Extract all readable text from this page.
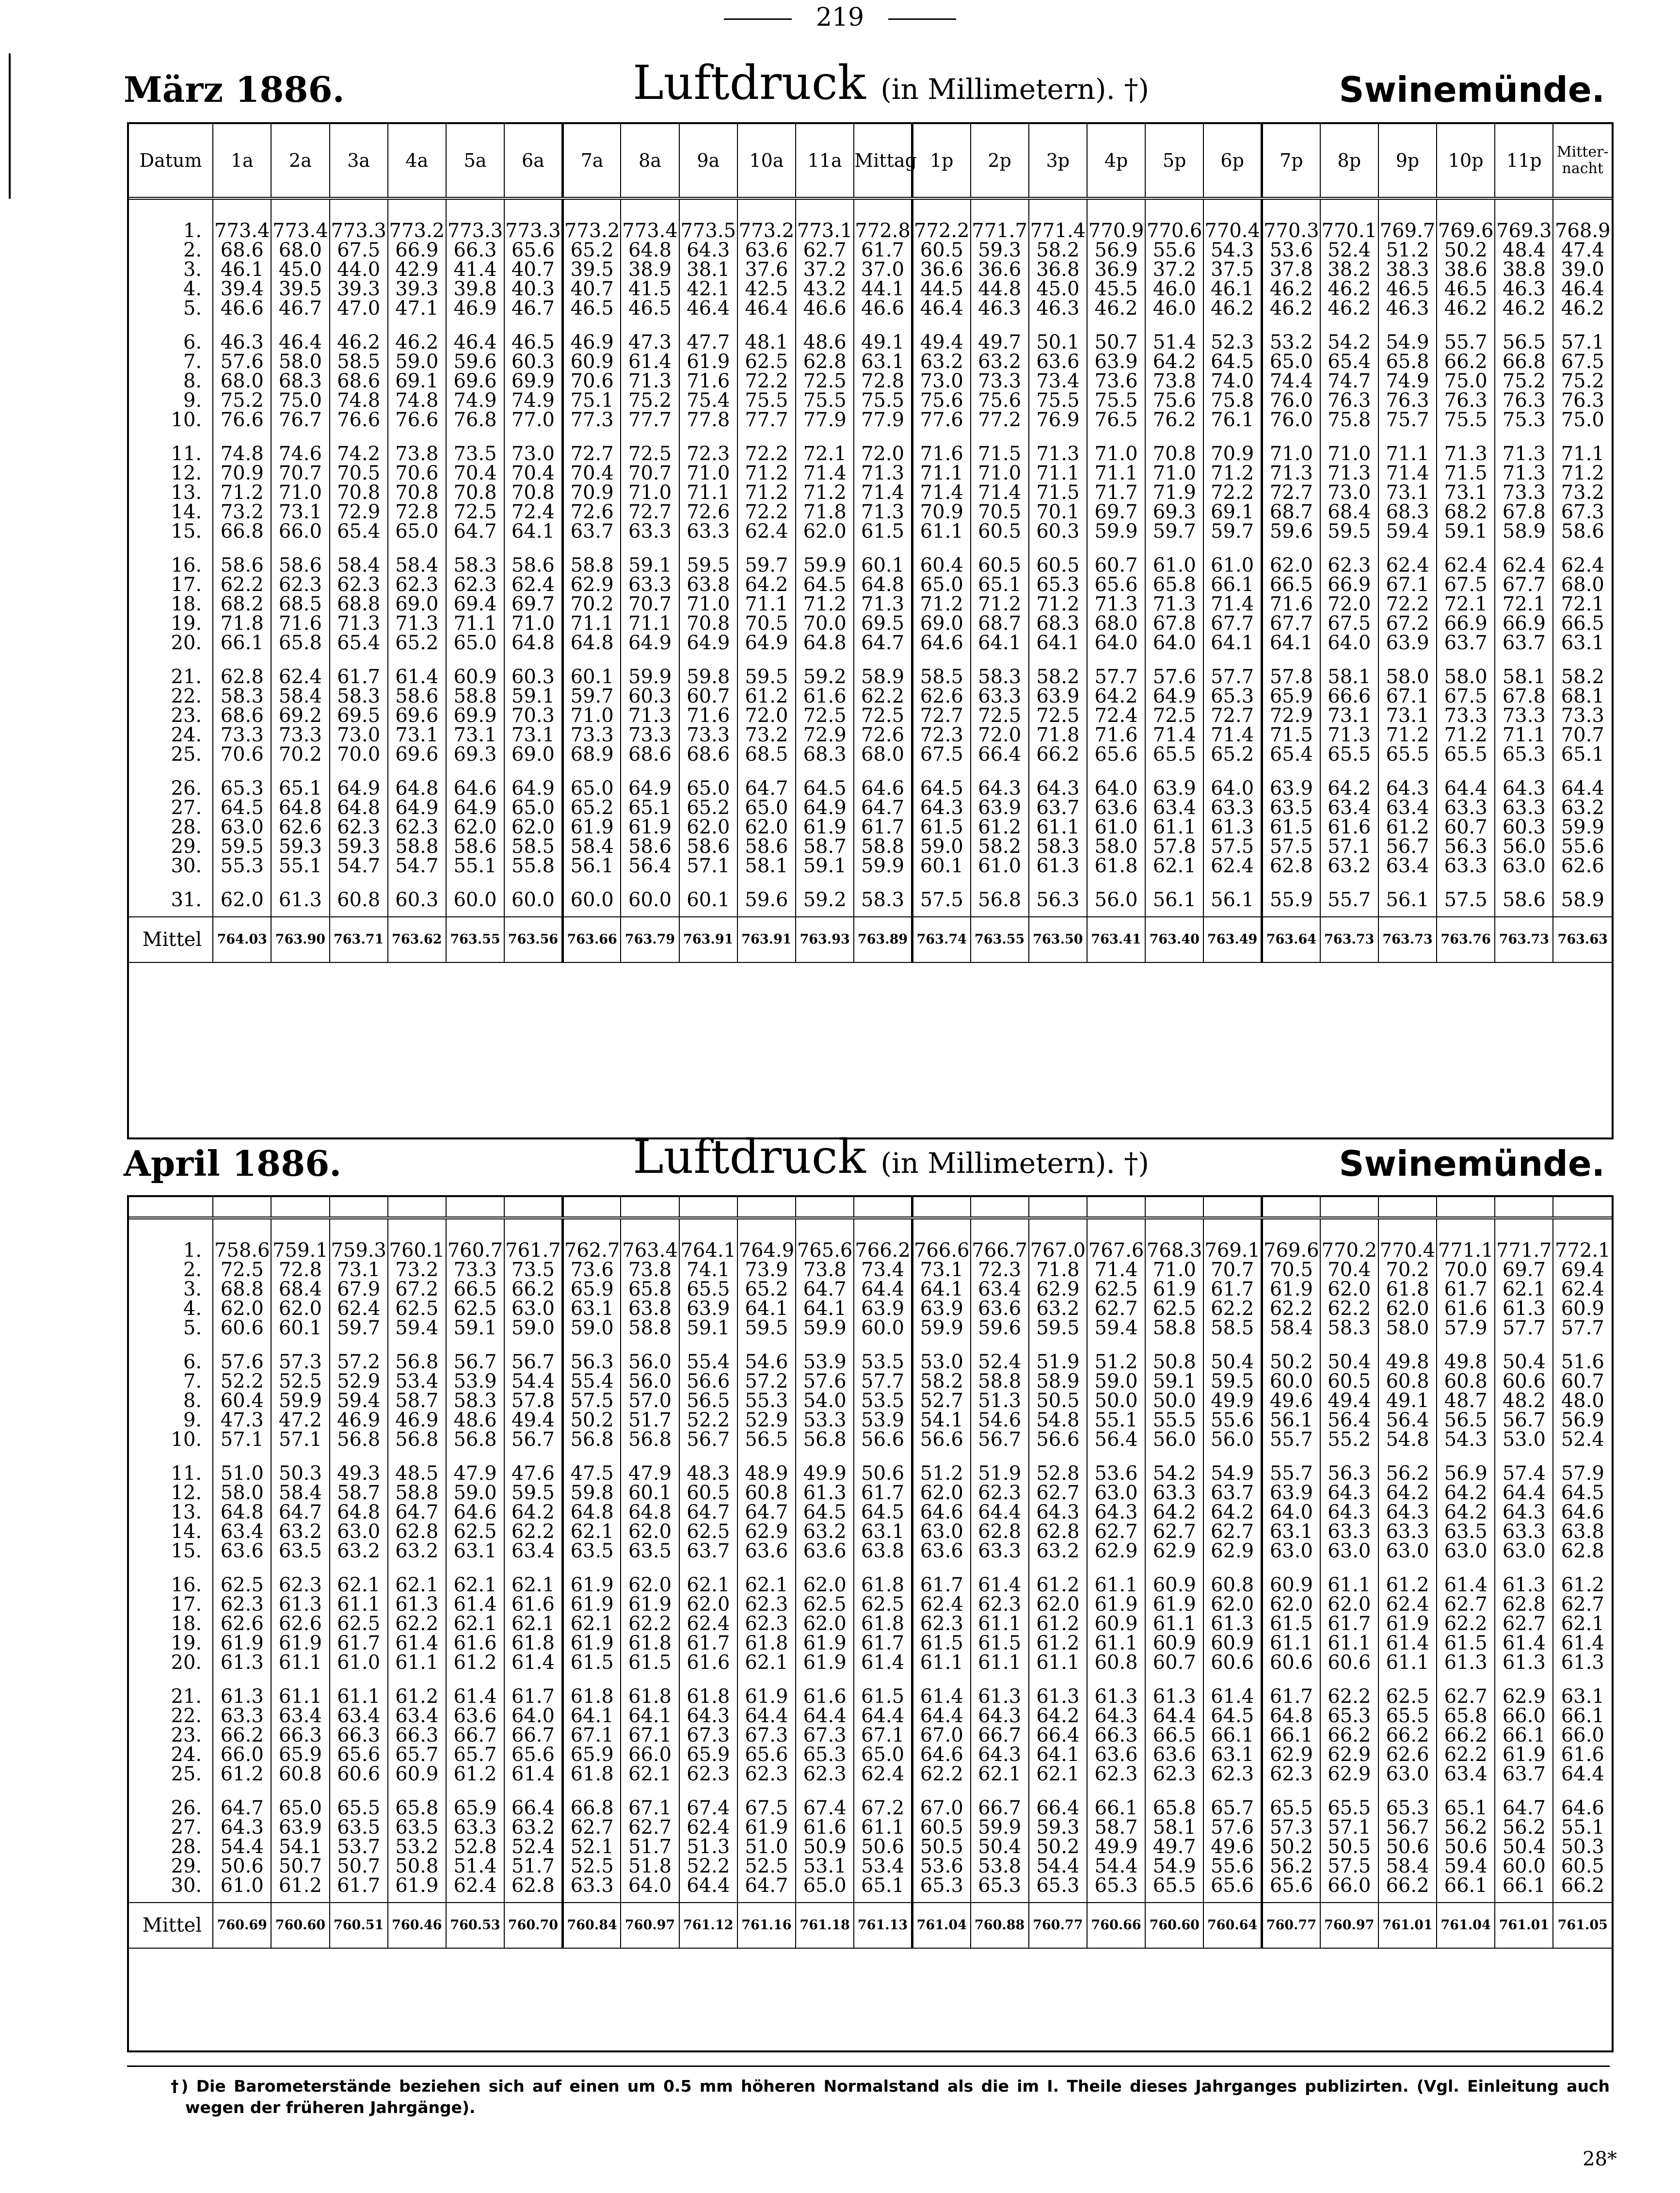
219
März 1886.	Luftdruck (in Millimetern). †)	Swinemünde.
Datum	1a	2a	3a	4a	5a	6a	7a	8a	9a	10a	11a	Mittag	1p	2p	3p	4p	5p	6p	7p	8p	9p	10p	11p	Mitter-nacht
1.	773.4	773.4	773.3	773.2	773.3	773.3	773.2	773.4	773.5	773.2	773.1	772.8	772.2	771.7	771.4	770.9	770.6	770.4	770.3	770.1	769.7	769.6	769.3	768.9
2.	68.6	68.0	67.5	66.9	66.3	65.6	65.2	64.8	64.3	63.6	62.7	61.7	60.5	59.3	58.2	56.9	55.6	54.3	53.6	52.4	51.2	50.2	48.4	47.4
3.	46.1	45.0	44.0	42.9	41.4	40.7	39.5	38.9	38.1	37.6	37.2	37.0	36.6	36.6	36.8	36.9	37.2	37.5	37.8	38.2	38.3	38.6	38.8	39.0
4.	39.4	39.5	39.3	39.3	39.8	40.3	40.7	41.5	42.1	42.5	43.2	44.1	44.5	44.8	45.0	45.5	46.0	46.1	46.2	46.2	46.5	46.5	46.3	46.4
5.	46.6	46.7	47.0	47.1	46.9	46.7	46.5	46.5	46.4	46.4	46.6	46.6	46.4	46.3	46.3	46.2	46.0	46.2	46.2	46.2	46.3	46.2	46.2	46.2
6.	46.3	46.4	46.2	46.2	46.4	46.5	46.9	47.3	47.7	48.1	48.6	49.1	49.4	49.7	50.1	50.7	51.4	52.3	53.2	54.2	54.9	55.7	56.5	57.1
7.	57.6	58.0	58.5	59.0	59.6	60.3	60.9	61.4	61.9	62.5	62.8	63.1	63.2	63.2	63.6	63.9	64.2	64.5	65.0	65.4	65.8	66.2	66.8	67.5
8.	68.0	68.3	68.6	69.1	69.6	69.9	70.6	71.3	71.6	72.2	72.5	72.8	73.0	73.3	73.4	73.6	73.8	74.0	74.4	74.7	74.9	75.0	75.2	75.2
9.	75.2	75.0	74.8	74.8	74.9	74.9	75.1	75.2	75.4	75.5	75.5	75.5	75.6	75.6	75.5	75.5	75.6	75.8	76.0	76.3	76.3	76.3	76.3	76.3
10.	76.6	76.7	76.6	76.6	76.8	77.0	77.3	77.7	77.8	77.7	77.9	77.9	77.6	77.2	76.9	76.5	76.2	76.1	76.0	75.8	75.7	75.5	75.3	75.0
11.	74.8	74.6	74.2	73.8	73.5	73.0	72.7	72.5	72.3	72.2	72.1	72.0	71.6	71.5	71.3	71.0	70.8	70.9	71.0	71.0	71.1	71.3	71.3	71.1
12.	70.9	70.7	70.5	70.6	70.4	70.4	70.4	70.7	71.0	71.2	71.4	71.3	71.1	71.0	71.1	71.1	71.0	71.2	71.3	71.3	71.4	71.5	71.3	71.2
13.	71.2	71.0	70.8	70.8	70.8	70.8	70.9	71.0	71.1	71.2	71.2	71.4	71.4	71.4	71.5	71.7	71.9	72.2	72.7	73.0	73.1	73.1	73.3	73.2
14.	73.2	73.1	72.9	72.8	72.5	72.4	72.6	72.7	72.6	72.2	71.8	71.3	70.9	70.5	70.1	69.7	69.3	69.1	68.7	68.4	68.3	68.2	67.8	67.3
15.	66.8	66.0	65.4	65.0	64.7	64.1	63.7	63.3	63.3	62.4	62.0	61.5	61.1	60.5	60.3	59.9	59.7	59.7	59.6	59.5	59.4	59.1	58.9	58.6
16.	58.6	58.6	58.4	58.4	58.3	58.6	58.8	59.1	59.5	59.7	59.9	60.1	60.4	60.5	60.5	60.7	61.0	61.0	62.0	62.3	62.4	62.4	62.4	62.4
17.	62.2	62.3	62.3	62.3	62.3	62.4	62.9	63.3	63.8	64.2	64.5	64.8	65.0	65.1	65.3	65.6	65.8	66.1	66.5	66.9	67.1	67.5	67.7	68.0
18.	68.2	68.5	68.8	69.0	69.4	69.7	70.2	70.7	71.0	71.1	71.2	71.3	71.2	71.2	71.2	71.3	71.3	71.4	71.6	72.0	72.2	72.1	72.1	72.1
19.	71.8	71.6	71.3	71.3	71.1	71.0	71.1	71.1	70.8	70.5	70.0	69.5	69.0	68.7	68.3	68.0	67.8	67.7	67.7	67.5	67.2	66.9	66.9	66.5
20.	66.1	65.8	65.4	65.2	65.0	64.8	64.8	64.9	64.9	64.9	64.8	64.7	64.6	64.1	64.1	64.0	64.0	64.1	64.1	64.0	63.9	63.7	63.7	63.1
21.	62.8	62.4	61.7	61.4	60.9	60.3	60.1	59.9	59.8	59.5	59.2	58.9	58.5	58.3	58.2	57.7	57.6	57.7	57.8	58.1	58.0	58.0	58.1	58.2
22.	58.3	58.4	58.3	58.6	58.8	59.1	59.7	60.3	60.7	61.2	61.6	62.2	62.6	63.3	63.9	64.2	64.9	65.3	65.9	66.6	67.1	67.5	67.8	68.1
23.	68.6	69.2	69.5	69.6	69.9	70.3	71.0	71.3	71.6	72.0	72.5	72.5	72.7	72.5	72.5	72.4	72.5	72.7	72.9	73.1	73.1	73.3	73.3	73.3
24.	73.3	73.3	73.0	73.1	73.1	73.1	73.3	73.3	73.3	73.2	72.9	72.6	72.3	72.0	71.8	71.6	71.4	71.4	71.5	71.3	71.2	71.2	71.1	70.7
25.	70.6	70.2	70.0	69.6	69.3	69.0	68.9	68.6	68.6	68.5	68.3	68.0	67.5	66.4	66.2	65.6	65.5	65.2	65.4	65.5	65.5	65.5	65.3	65.1
26.	65.3	65.1	64.9	64.8	64.6	64.9	65.0	64.9	65.0	64.7	64.5	64.6	64.5	64.3	64.3	64.0	63.9	64.0	63.9	64.2	64.3	64.4	64.3	64.4
27.	64.5	64.8	64.8	64.9	64.9	65.0	65.2	65.1	65.2	65.0	64.9	64.7	64.3	63.9	63.7	63.6	63.4	63.3	63.5	63.4	63.4	63.3	63.3	63.2
28.	63.0	62.6	62.3	62.3	62.0	62.0	61.9	61.9	62.0	62.0	61.9	61.7	61.5	61.2	61.1	61.0	61.1	61.3	61.5	61.6	61.2	60.7	60.3	59.9
29.	59.5	59.3	59.3	58.8	58.6	58.5	58.4	58.6	58.6	58.6	58.7	58.8	59.0	58.2	58.3	58.0	57.8	57.5	57.5	57.1	56.7	56.3	56.0	55.6
30.	55.3	55.1	54.7	54.7	55.1	55.8	56.1	56.4	57.1	58.1	59.1	59.9	60.1	61.0	61.3	61.8	62.1	62.4	62.8	63.2	63.4	63.3	63.0	62.6
31.	62.0	61.3	60.8	60.3	60.0	60.0	60.0	60.0	60.1	59.6	59.2	58.3	57.5	56.8	56.3	56.0	56.1	56.1	55.9	55.7	56.1	57.5	58.6	58.9

Mittel	764.03	763.90	763.71	763.62	763.55	763.56	763.66	763.79	763.91	763.91	763.93	763.89	763.74	763.55	763.50	763.41	763.40	763.49	763.64	763.73	763.73	763.76	763.73	763.63
April 1886.	Luftdruck (in Millimetern). †)	Swinemünde.

1.	758.6	759.1	759.3	760.1	760.7	761.7	762.7	763.4	764.1	764.9	765.6	766.2	766.6	766.7	767.0	767.6	768.3	769.1	769.6	770.2	770.4	771.1	771.7	772.1
2.	72.5	72.8	73.1	73.2	73.3	73.5	73.6	73.8	74.1	73.9	73.8	73.4	73.1	72.3	71.8	71.4	71.0	70.7	70.5	70.4	70.2	70.0	69.7	69.4
3.	68.8	68.4	67.9	67.2	66.5	66.2	65.9	65.8	65.5	65.2	64.7	64.4	64.1	63.4	62.9	62.5	61.9	61.7	61.9	62.0	61.8	61.7	62.1	62.4
4.	62.0	62.0	62.4	62.5	62.5	63.0	63.1	63.8	63.9	64.1	64.1	63.9	63.9	63.6	63.2	62.7	62.5	62.2	62.2	62.2	62.0	61.6	61.3	60.9
5.	60.6	60.1	59.7	59.4	59.1	59.0	59.0	58.8	59.1	59.5	59.9	60.0	59.9	59.6	59.5	59.4	58.8	58.5	58.4	58.3	58.0	57.9	57.7	57.7
6.	57.6	57.3	57.2	56.8	56.7	56.7	56.3	56.0	55.4	54.6	53.9	53.5	53.0	52.4	51.9	51.2	50.8	50.4	50.2	50.4	49.8	49.8	50.4	51.6
7.	52.2	52.5	52.9	53.4	53.9	54.4	55.4	56.0	56.6	57.2	57.6	57.7	58.2	58.8	58.9	59.0	59.1	59.5	60.0	60.5	60.8	60.8	60.6	60.7
8.	60.4	59.9	59.4	58.7	58.3	57.8	57.5	57.0	56.5	55.3	54.0	53.5	52.7	51.3	50.5	50.0	50.0	49.9	49.6	49.4	49.1	48.7	48.2	48.0
9.	47.3	47.2	46.9	46.9	48.6	49.4	50.2	51.7	52.2	52.9	53.3	53.9	54.1	54.6	54.8	55.1	55.5	55.6	56.1	56.4	56.4	56.5	56.7	56.9
10.	57.1	57.1	56.8	56.8	56.8	56.7	56.8	56.8	56.7	56.5	56.8	56.6	56.6	56.7	56.6	56.4	56.0	56.0	55.7	55.2	54.8	54.3	53.0	52.4
11.	51.0	50.3	49.3	48.5	47.9	47.6	47.5	47.9	48.3	48.9	49.9	50.6	51.2	51.9	52.8	53.6	54.2	54.9	55.7	56.3	56.2	56.9	57.4	57.9
12.	58.0	58.4	58.7	58.8	59.0	59.5	59.8	60.1	60.5	60.8	61.3	61.7	62.0	62.3	62.7	63.0	63.3	63.7	63.9	64.3	64.2	64.2	64.4	64.5
13.	64.8	64.7	64.8	64.7	64.6	64.2	64.8	64.8	64.7	64.7	64.5	64.5	64.6	64.4	64.3	64.3	64.2	64.2	64.0	64.3	64.3	64.2	64.3	64.6
14.	63.4	63.2	63.0	62.8	62.5	62.2	62.1	62.0	62.5	62.9	63.2	63.1	63.0	62.8	62.8	62.7	62.7	62.7	63.1	63.3	63.3	63.5	63.3	63.8
15.	63.6	63.5	63.2	63.2	63.1	63.4	63.5	63.5	63.7	63.6	63.6	63.8	63.6	63.3	63.2	62.9	62.9	62.9	63.0	63.0	63.0	63.0	63.0	62.8
16.	62.5	62.3	62.1	62.1	62.1	62.1	61.9	62.0	62.1	62.1	62.0	61.8	61.7	61.4	61.2	61.1	60.9	60.8	60.9	61.1	61.2	61.4	61.3	61.2
17.	62.3	61.3	61.1	61.3	61.4	61.6	61.9	61.9	62.0	62.3	62.5	62.5	62.4	62.3	62.0	61.9	61.9	62.0	62.0	62.0	62.4	62.7	62.8	62.7
18.	62.6	62.6	62.5	62.2	62.1	62.1	62.1	62.2	62.4	62.3	62.0	61.8	62.3	61.1	61.2	60.9	61.1	61.3	61.5	61.7	61.9	62.2	62.7	62.1
19.	61.9	61.9	61.7	61.4	61.6	61.8	61.9	61.8	61.7	61.8	61.9	61.7	61.5	61.5	61.2	61.1	60.9	60.9	61.1	61.1	61.4	61.5	61.4	61.4
20.	61.3	61.1	61.0	61.1	61.2	61.4	61.5	61.5	61.6	62.1	61.9	61.4	61.1	61.1	61.1	60.8	60.7	60.6	60.6	60.6	61.1	61.3	61.3	61.3
21.	61.3	61.1	61.1	61.2	61.4	61.7	61.8	61.8	61.8	61.9	61.6	61.5	61.4	61.3	61.3	61.3	61.3	61.4	61.7	62.2	62.5	62.7	62.9	63.1
22.	63.3	63.4	63.4	63.4	63.6	64.0	64.1	64.1	64.3	64.4	64.4	64.4	64.4	64.3	64.2	64.3	64.4	64.5	64.8	65.3	65.5	65.8	66.0	66.1
23.	66.2	66.3	66.3	66.3	66.7	66.7	67.1	67.1	67.3	67.3	67.3	67.1	67.0	66.7	66.4	66.3	66.5	66.1	66.1	66.2	66.2	66.2	66.1	66.0
24.	66.0	65.9	65.6	65.7	65.7	65.6	65.9	66.0	65.9	65.6	65.3	65.0	64.6	64.3	64.1	63.6	63.6	63.1	62.9	62.9	62.6	62.2	61.9	61.6
25.	61.2	60.8	60.6	60.9	61.2	61.4	61.8	62.1	62.3	62.3	62.3	62.4	62.2	62.1	62.1	62.3	62.3	62.3	62.3	62.9	63.0	63.4	63.7	64.4
26.	64.7	65.0	65.5	65.8	65.9	66.4	66.8	67.1	67.4	67.5	67.4	67.2	67.0	66.7	66.4	66.1	65.8	65.7	65.5	65.5	65.3	65.1	64.7	64.6
27.	64.3	63.9	63.5	63.5	63.3	63.2	62.7	62.7	62.4	61.9	61.6	61.1	60.5	59.9	59.3	58.7	58.1	57.6	57.3	57.1	56.7	56.2	56.2	55.1
28.	54.4	54.1	53.7	53.2	52.8	52.4	52.1	51.7	51.3	51.0	50.9	50.6	50.5	50.4	50.2	49.9	49.7	49.6	50.2	50.5	50.6	50.6	50.4	50.3
29.	50.6	50.7	50.7	50.8	51.4	51.7	52.5	51.8	52.2	52.5	53.1	53.4	53.6	53.8	54.4	54.4	54.9	55.6	56.2	57.5	58.4	59.4	60.0	60.5
30.	61.0	61.2	61.7	61.9	62.4	62.8	63.3	64.0	64.4	64.7	65.0	65.1	65.3	65.3	65.3	65.3	65.5	65.6	65.6	66.0	66.2	66.1	66.1	66.2

Mittel	760.69	760.60	760.51	760.46	760.53	760.70	760.84	760.97	761.12	761.16	761.18	761.13	761.04	760.88	760.77	760.66	760.60	760.64	760.77	760.97	761.01	761.04	761.01	761.05
†) Die Barometerstände beziehen sich auf einen um 0.5 mm höheren Normalstand als die im I. Theile dieses Jahrganges publizirten. (Vgl. Einleitung auch wegen der früheren Jahrgänge).
28*
